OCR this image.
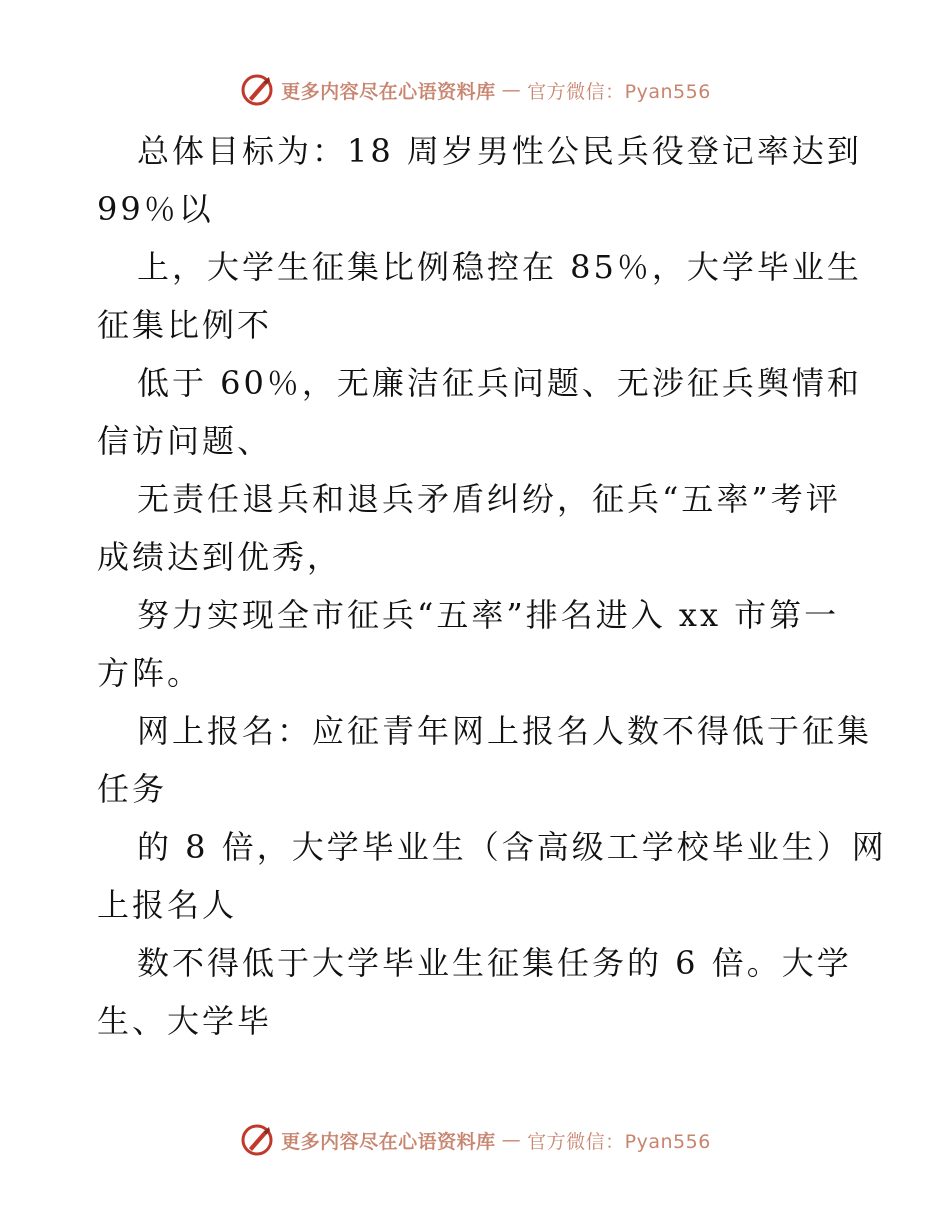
更多内容尽在心语资料库 — 官方微信：Pyan556
总体目标为：18 周岁男性公民兵役登记率达到
99％以
上，大学生征集比例稳控在 85％，大学毕业生
征集比例不
低于 60％，无廉洁征兵问题、无涉征兵舆情和
信访问题、
无责任退兵和退兵矛盾纠纷，征兵“五率”考评
成绩达到优秀，
努力实现全市征兵“五率”排名进入 xx 市第一
方阵。
网上报名：应征青年网上报名人数不得低于征集
任务
的 8 倍，大学毕业生（含高级工学校毕业生）网
上报名人
数不得低于大学毕业生征集任务的 6 倍。大学
生、大学毕
更多内容尽在心语资料库 — 官方微信：Pyan556
